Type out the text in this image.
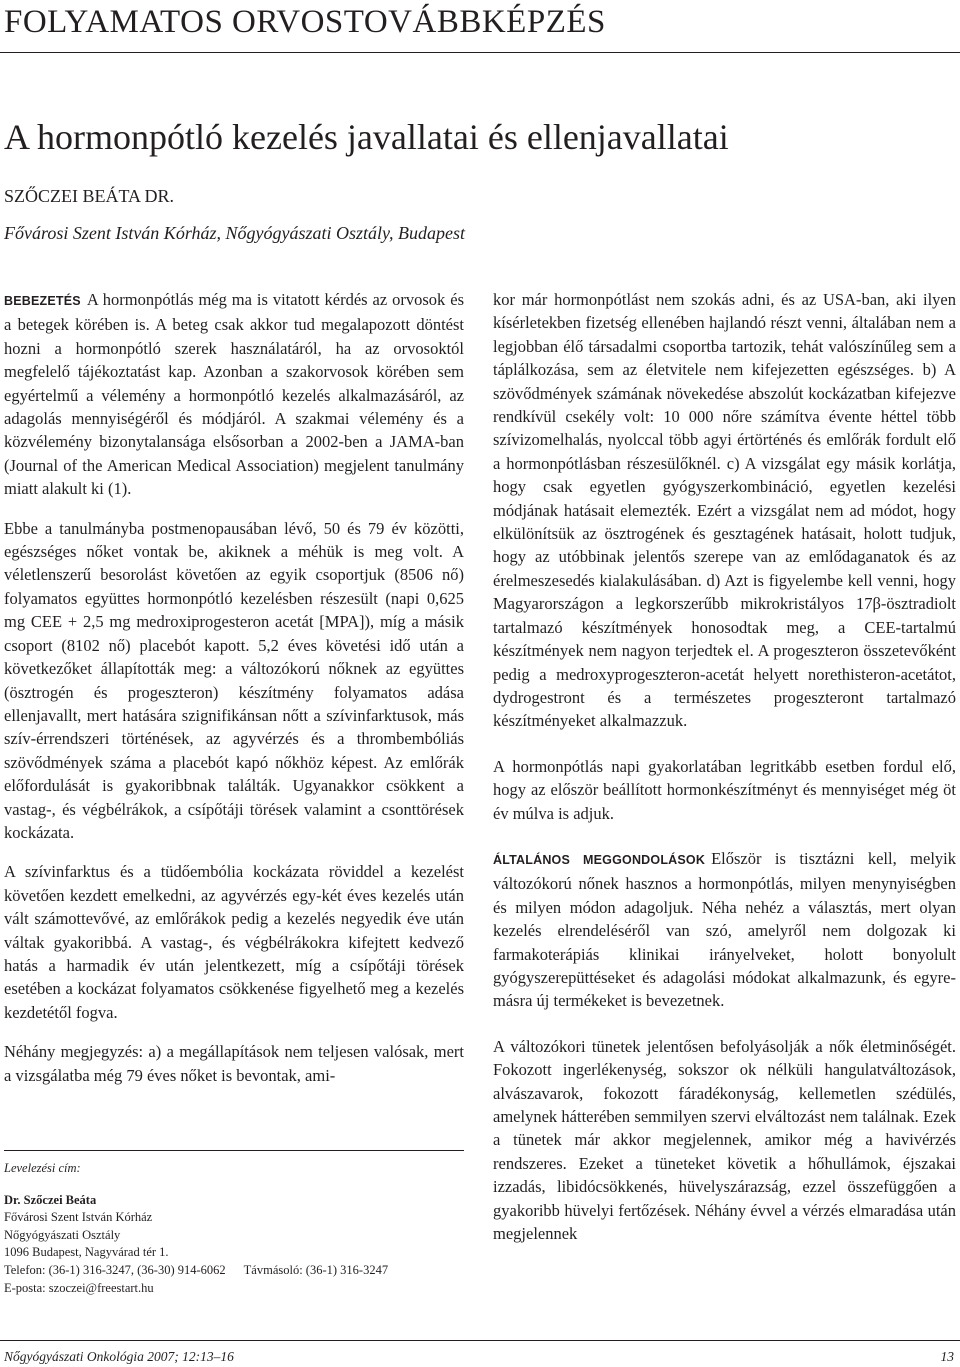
FOLYAMATOS ORVOSTOVÁBBKÉPZÉS
A hormonpótló kezelés javallatai és ellenjavallatai
SZŐCZEI BEÁTA DR.
Fővárosi Szent István Kórház, Nőgyógyászati Osztály, Budapest

BEBEZETÉS A hormonpótlás még ma is vitatott kérdés az orvosok és a betegek körében is. A beteg csak akkor tud megalapozott döntést hozni a hormonpótló szerek használatáról, ha az orvosoktól megfelelő tájékoztatást kap. Azonban a szakorvosok körében sem egyértelmű a vélemény a hormonpótló kezelés alkalmazásáról, az adagolás mennyiségéről és módjáról. A szakmai vélemény és a közvélemény bizonytalansága elsősorban a 2002-ben a JAMA-ban (Journal of the American Medical Association) megjelent tanulmány miatt alakult ki (1).

Ebbe a tanulmányba postmenopausában lévő, 50 és 79 év közötti, egészséges nőket vontak be, akiknek a méhük is meg volt. A véletlenszerű besorolást követően az egyik csoportjuk (8506 nő) folyamatos együttes hormonpótló kezelésben részesült (napi 0,625 mg CEE + 2,5 mg medroxiprogesteron acetát [MPA]), míg a másik csoport (8102 nő) placebót kapott. 5,2 éves követési idő után a következőket állapították meg: a változókorú nőknek az együttes (ösztrogén és progeszteron) készítmény folyamatos adása ellenjavallt, mert hatására szignifikánsan nőtt a szívinfarktusok, más szív-érrendszeri történések, az agyvérzés és a thrombembóliás szövődmények száma a placebót kapó nőkhöz képest. Az emlőrák előfordulását is gyakoribbnak találták. Ugyanakkor csökkent a vastag-, és végbélrákok, a csípőtáji törések valamint a csonttörések kockázata.

A szívinfarktus és a tüdőembólia kockázata röviddel a kezelést követően kezdett emelkedni, az agyvérzés egy-két éves kezelés után vált számottevővé, az emlőrákok pedig a kezelés negyedik éve után váltak gyakoribbá. A vastag-, és végbélrákokra kifejtett kedvező hatás a harmadik év után jelentkezett, míg a csípőtáji törések esetében a kockázat folyamatos csökkenése figyelhető meg a kezelés kezdetétől fogva.

Néhány megjegyzés: a) a megállapítások nem teljesen valósak, mert a vizsgálatba még 79 éves nőket is bevontak, ami-

kor már hormonpótlást nem szokás adni, és az USA-ban, aki ilyen kísérletekben fizetség ellenében hajlandó részt venni, általában nem a legjobban élő társadalmi csoportba tartozik, tehát valószínűleg sem a táplálkozása, sem az életvitele nem kifejezetten egészséges. b) A szövődmények számának növekedése abszolút kockázatban kifejezve rendkívül csekély volt: 10 000 nőre számítva évente héttel több szívizomelhalás, nyolccal több agyi értörténés és emlőrák fordult elő a hormonpótlásban részesülőknél. c) A vizsgálat egy másik korlátja, hogy csak egyetlen gyógyszerkombináció, egyetlen kezelési módjának hatásait elemezték. Ezért a vizsgálat nem ad módot, hogy elkülönítsük az ösztrogének és gesztagének hatásait, holott tudjuk, hogy az utóbbinak jelentős szerepe van az emlődaganatok és az érelmeszesedés kialakulásában. d) Azt is figyelembe kell venni, hogy Magyarországon a legkorszerűbb mikrokristályos 17β-ösztradiolt tartalmazó készítmények honosodtak meg, a CEE-tartalmú készítmények nem nagyon terjedtek el. A progeszteron összetevőként pedig a medroxyprogeszteron-acetát helyett norethisteron-acetátot, dydrogestront és a természetes progeszteront tartalmazó készítményeket alkalmazzuk.

A hormonpótlás napi gyakorlatában legritkább esetben fordul elő, hogy az először beállított hormonkészítményt és mennyiséget még öt év múlva is adjuk.

ÁLTALÁNOS MEGGONDOLÁSOK Először is tisztázni kell, melyik változókorú nőnek hasznos a hormonpótlás, milyen menynyiségben és milyen módon adagoljuk. Néha nehéz a választás, mert olyan kezelés elrendeléséről van szó, amelyről nem dolgozak ki farmakoterápiás klinikai irányelveket, holott bonyolult gyógyszerepüttéseket és adagolási módokat alkalmazunk, és egyre-másra új termékeket is bevezetnek.

A változókori tünetek jelentősen befolyásolják a nők életminőségét. Fokozott ingerlékenység, sokszor ok nélküli hangulatváltozások, alvászavarok, fokozott fáradékonyság, kellemetlen szédülés, amelynek hátterében semmilyen szervi elváltozást nem találnak. Ezek a tünetek már akkor megjelennek, amikor még a havivérzés rendszeres. Ezeket a tüneteket követik a hőhullámok, éjszakai izzadás, libidócsökkenés, hüvelyszárazság, ezzel összefüggően a gyakoribb hüvelyi fertőzések. Néhány évvel a vérzés elmaradása után megjelennek

Levelezési cím:
Dr. Szőczei Beáta
Fővárosi Szent István Kórház
Nőgyógyászati Osztály
1096 Budapest, Nagyvárad tér 1.
Telefon: (36-1) 316-3247, (36-30) 914-6062 Távmásoló: (36-1) 316-3247
E-posta: szoczei@freestart.hu
Nőgyógyászati Onkológia 2007; 12:13–16	13
